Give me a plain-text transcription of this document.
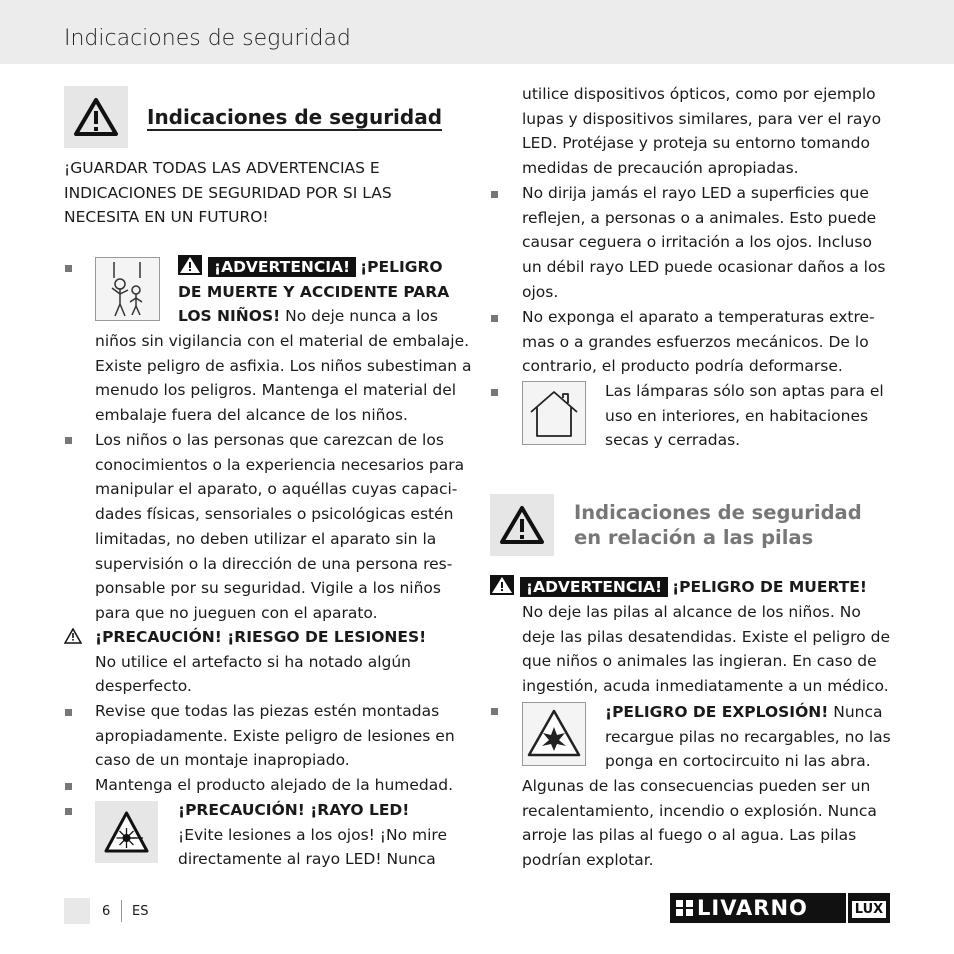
Indicaciones de seguridad
Indicaciones de seguridad
¡GUARDAR TODAS LAS ADVERTENCIAS E
INDICACIONES DE SEGURIDAD POR SI LAS
NECESITA EN UN FUTURO!
¡ADVERTENCIA! ¡PELIGRO
DE MUERTE Y ACCIDENTE PARA
LOS NIÑOS! No deje nunca a los
niños sin vigilancia con el material de embalaje.
Existe peligro de asfixia. Los niños subestiman a
menudo los peligros. Mantenga el material del
embalaje fuera del alcance de los niños.
Los niños o las personas que carezcan de los
conocimientos o la experiencia necesarios para
manipular el aparato, o aquéllas cuyas capaci-
dades físicas, sensoriales o psicológicas estén
limitadas, no deben utilizar el aparato sin la
supervisión o la dirección de una persona res-
ponsable por su seguridad. Vigile a los niños
para que no jueguen con el aparato.
¡PRECAUCIÓN! ¡RIESGO DE LESIONES!
No utilice el artefacto si ha notado algún
desperfecto.
Revise que todas las piezas estén montadas
apropiadamente. Existe peligro de lesiones en
caso de un montaje inapropiado.
Mantenga el producto alejado de la humedad.
¡PRECAUCIÓN! ¡RAYO LED!
¡Evite lesiones a los ojos! ¡No mire
directamente al rayo LED! Nunca
utilice dispositivos ópticos, como por ejemplo
lupas y dispositivos similares, para ver el rayo
LED. Protéjase y proteja su entorno tomando
medidas de precaución apropiadas.
No dirija jamás el rayo LED a superficies que
reflejen, a personas o a animales. Esto puede
causar ceguera o irritación a los ojos. Incluso
un débil rayo LED puede ocasionar daños a los
ojos.
No exponga el aparato a temperaturas extre-
mas o a grandes esfuerzos mecánicos. De lo
contrario, el producto podría deformarse.
Las lámparas sólo son aptas para el
uso en interiores, en habitaciones
secas y cerradas.
Indicaciones de seguridad
en relación a las pilas
¡ADVERTENCIA! ¡PELIGRO DE MUERTE!
No deje las pilas al alcance de los niños. No
deje las pilas desatendidas. Existe el peligro de
que niños o animales las ingieran. En caso de
ingestión, acuda inmediatamente a un médico.
¡PELIGRO DE EXPLOSIÓN! Nunca
recargue pilas no recargables, no las
ponga en cortocircuito ni las abra.
Algunas de las consecuencias pueden ser un
recalentamiento, incendio o explosión. Nunca
arroje las pilas al fuego o al agua. Las pilas
podrían explotar.
6 ES	LIVARNO	LUX
